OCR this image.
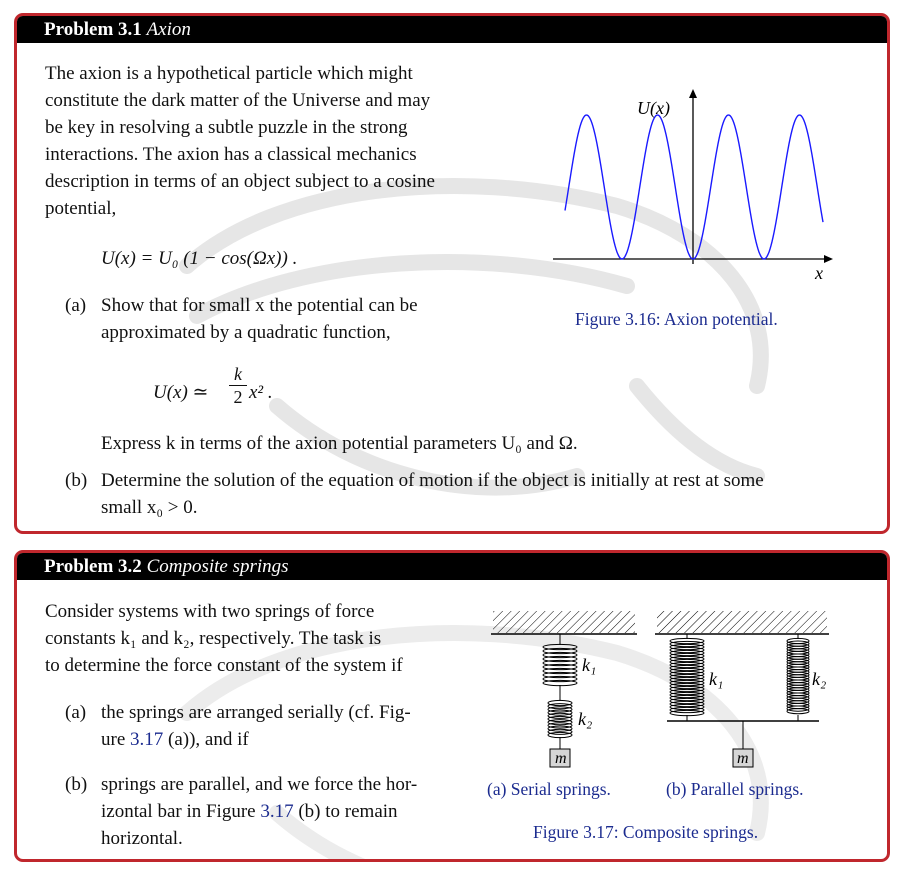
Problem 3.1 Axion
The axion is a hypothetical particle which might
constitute the dark matter of the Universe and may
be key in resolving a subtle puzzle in the strong
interactions. The axion has a classical mechanics
description in terms of an object subject to a cosine
potential,
U(x) = U₀ (1 − cos(Ωx)) .
(a) Show that for small x the potential can be
approximated by a quadratic function,
U(x) ≃ $\frac{k}{2} x^2$ .
Express k in terms of the axion potential parameters U₀ and Ω.
(b) Determine the solution of the equation of motion if the object is initially at rest at some
small x₀ > 0.
U(x)
x
Figure 3.16: Axion potential.
Problem 3.2 Composite springs
Consider systems with two springs of force
constants k₁ and k₂, respectively. The task is
to determine the force constant of the system if
(a) the springs are arranged serially (cf. Fig-
ure 3.17 (a)), and if
(b) springs are parallel, and we force the hor-
izontal bar in Figure 3.17 (b) to remain
horizontal.
m
k₁
k₂
m
k₁	k₂
(a) Serial springs.	(b) Parallel springs.
Figure 3.17: Composite springs.
